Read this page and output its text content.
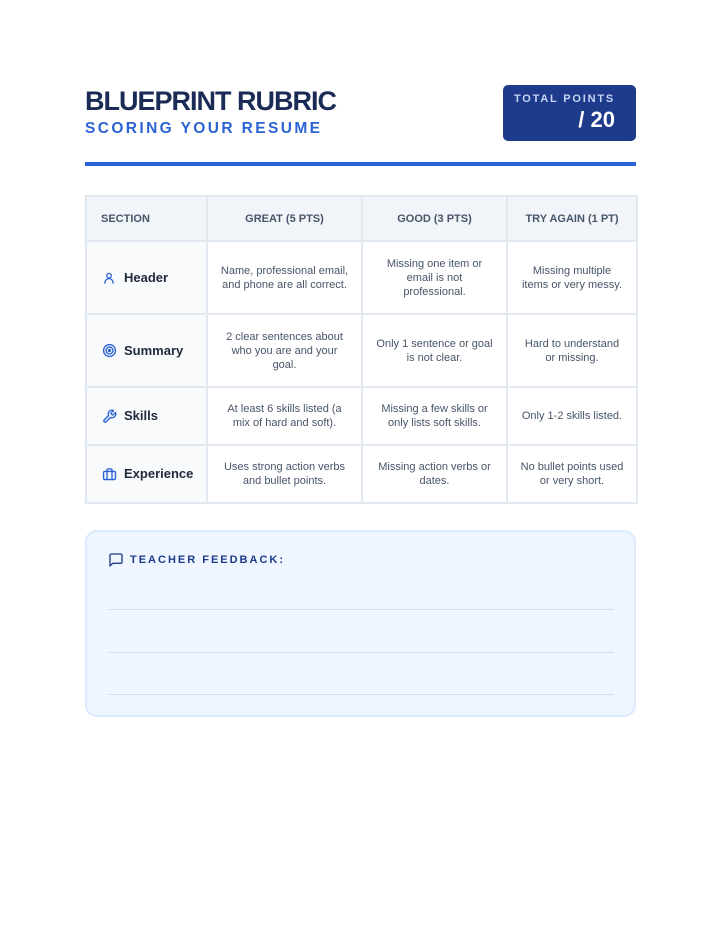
BLUEPRINT RUBRIC
SCORING YOUR RESUME
TOTAL POINTS
/ 20
SECTION	GREAT (5 PTS)	GOOD (3 PTS)	TRY AGAIN (1 PT)

Header	Name, professional email, and phone are all correct.	Missing one item or email is not professional.	Missing multiple items or very messy.

Summary	2 clear sentences about who you are and your goal.	Only 1 sentence or goal is not clear.	Hard to understand or missing.

Skills	At least 6 skills listed (a mix of hard and soft).	Missing a few skills or only lists soft skills.	Only 1-2 skills listed.

Experience	Uses strong action verbs and bullet points.	Missing action verbs or dates.	No bullet points used or very short.
TEACHER FEEDBACK:
